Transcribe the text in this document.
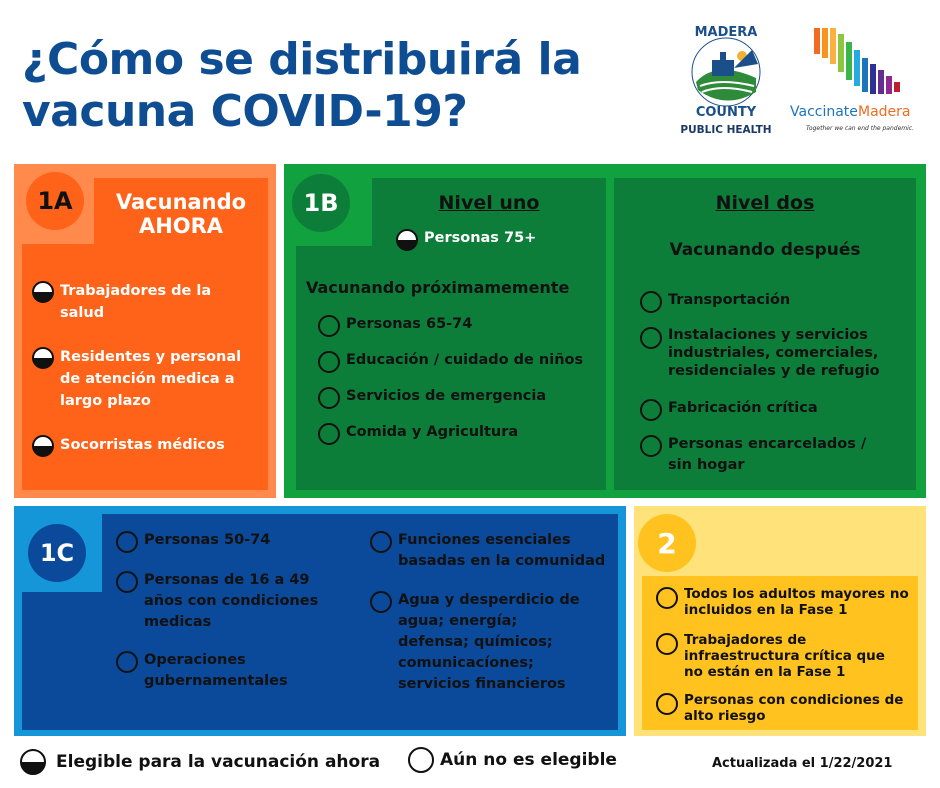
¿Cómo se distribuirá la
vacuna COVID-19?
MADERA
COUNTY
PUBLIC HEALTH
Vaccinate Madera
Together we can end the pandemic.
1A	Vacunando
AHORA
Trabajadores de la salud
Residentes y personal de atención medica a largo plazo
Socorristas médicos
1B	Nivel uno
Personas 75+
Vacunando próximamemente
Personas 65-74
Educación / cuidado de niños
Servicios de emergencia
Comida y Agricultura
Nivel dos
Vacunando después
Transportación
Instalaciones y servicios industriales, comerciales, residenciales y de refugio
Fabricación crítica
Personas encarcelados / sin hogar
1C	Personas 50-74
Personas de 16 a 49 años con condiciones medicas
Operaciones gubernamentales
Funciones esenciales basadas en la comunidad
Agua y desperdicio de agua; energía; defensa; químicos; comunicacíones; servicios financieros
2
Todos los adultos mayores no incluidos en la Fase 1
Trabajadores de infraestructura crítica que no están en la Fase 1
Personas con condiciones de alto riesgo
Elegible para la vacunación ahora	Aún no es elegible	Actualizada el 1/22/2021
